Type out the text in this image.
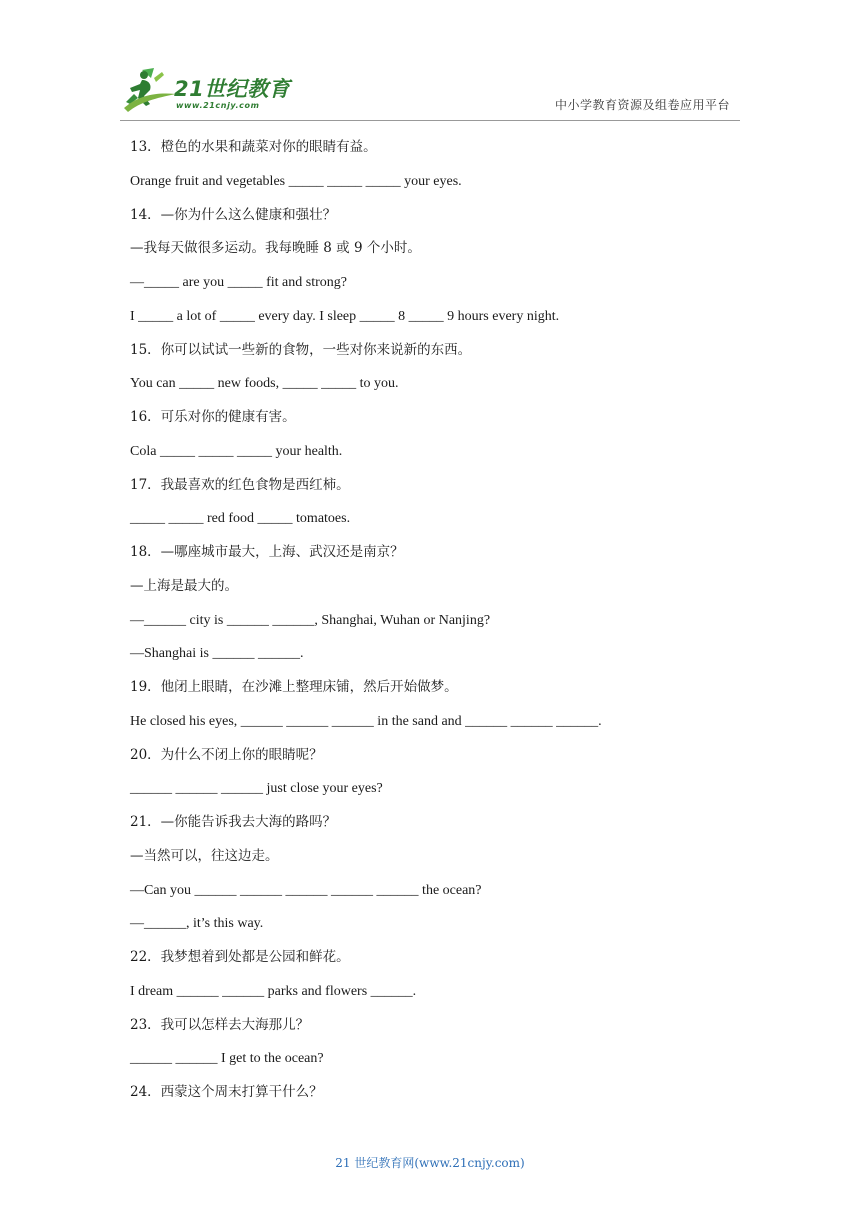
21世纪教育
www.21cnjy.com	中小学教育资源及组卷应用平台
13．橙色的水果和蔬菜对你的眼睛有益。
Orange fruit and vegetables _____ _____ _____ your eyes.
14．—你为什么这么健康和强壮？
—我每天做很多运动。我每晚睡 8 或 9 个小时。
—_____ are you _____ fit and strong?
I _____ a lot of _____ every day. I sleep _____ 8 _____ 9 hours every night.
15．你可以试试一些新的食物，一些对你来说新的东西。
You can _____ new foods, _____ _____ to you.
16．可乐对你的健康有害。
Cola _____ _____ _____ your health.
17．我最喜欢的红色食物是西红柿。
_____ _____ red food _____ tomatoes.
18．—哪座城市最大，上海、武汉还是南京？
—上海是最大的。
—______ city is ______ ______, Shanghai, Wuhan or Nanjing?
—Shanghai is ______ ______.
19．他闭上眼睛，在沙滩上整理床铺，然后开始做梦。
He closed his eyes, ______ ______ ______ in the sand and ______ ______ ______.
20．为什么不闭上你的眼睛呢？
______ ______ ______ just close your eyes?
21．—你能告诉我去大海的路吗？
—当然可以，往这边走。
—Can you ______ ______ ______ ______ ______ the ocean?
—______, it’s this way.
22．我梦想着到处都是公园和鲜花。
I dream ______ ______ parks and flowers ______.
23．我可以怎样去大海那儿？
______ ______ I get to the ocean?
24．西蒙这个周末打算干什么？
21 世纪教育网(www.21cnjy.com)
